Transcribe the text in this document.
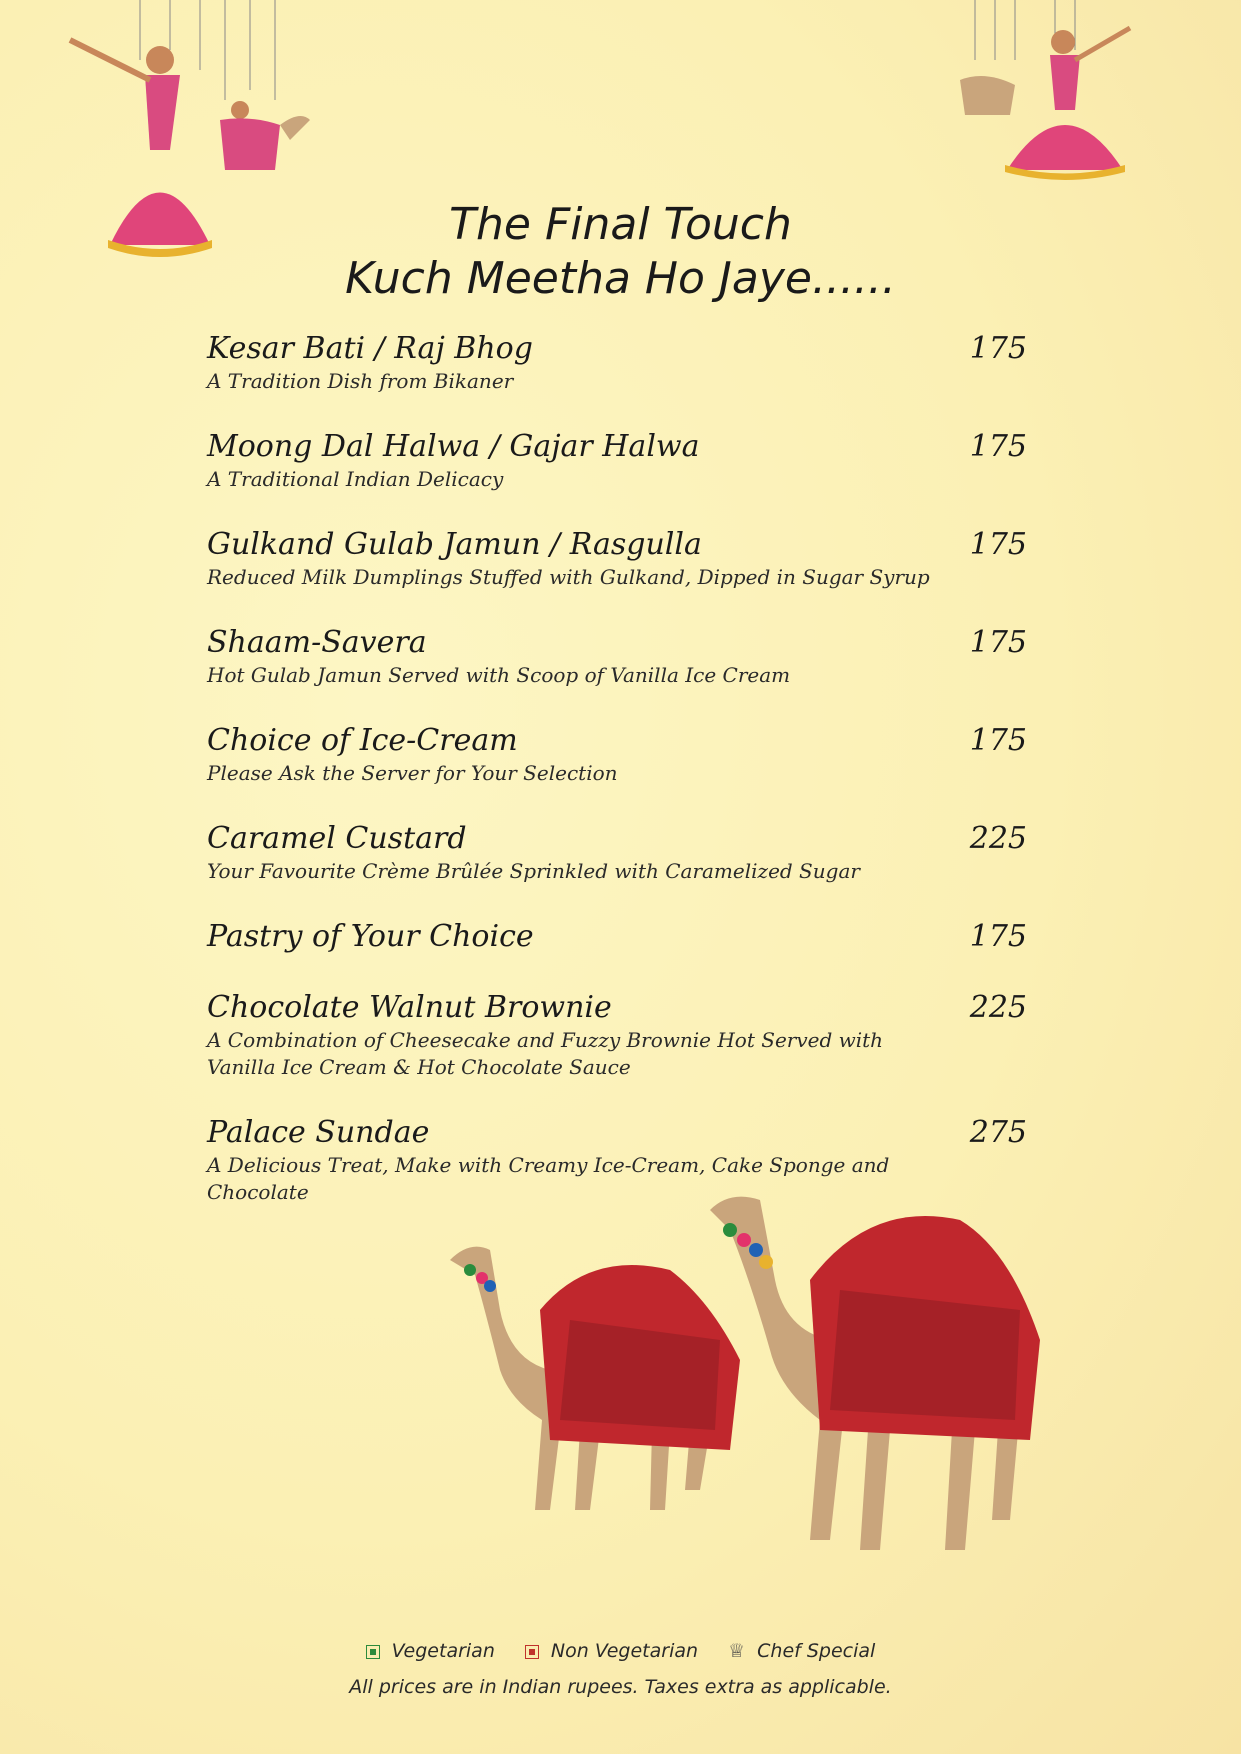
The Final Touch
Kuch Meetha Ho Jaye......
Kesar Bati / Raj Bhog
A Tradition Dish from Bikaner
175
Moong Dal Halwa / Gajar Halwa
A Traditional Indian Delicacy
175
Gulkand Gulab Jamun / Rasgulla
Reduced Milk Dumplings Stuffed with Gulkand, Dipped in Sugar Syrup
175
Shaam-Savera
Hot Gulab Jamun Served with Scoop of Vanilla Ice Cream
175
Choice of Ice-Cream
Please Ask the Server for Your Selection
175
Caramel Custard
Your Favourite Crème Brûlée Sprinkled with Caramelized Sugar
225
Pastry of Your Choice	175
Chocolate Walnut Brownie
A Combination of Cheesecake and Fuzzy Brownie Hot Served with Vanilla Ice Cream & Hot Chocolate Sauce
225
Palace Sundae
A Delicious Treat, Make with Creamy Ice-Cream, Cake Sponge and Chocolate
275
Vegetarian	Non Vegetarian ♕ Chef Special
All prices are in Indian rupees. Taxes extra as applicable.
